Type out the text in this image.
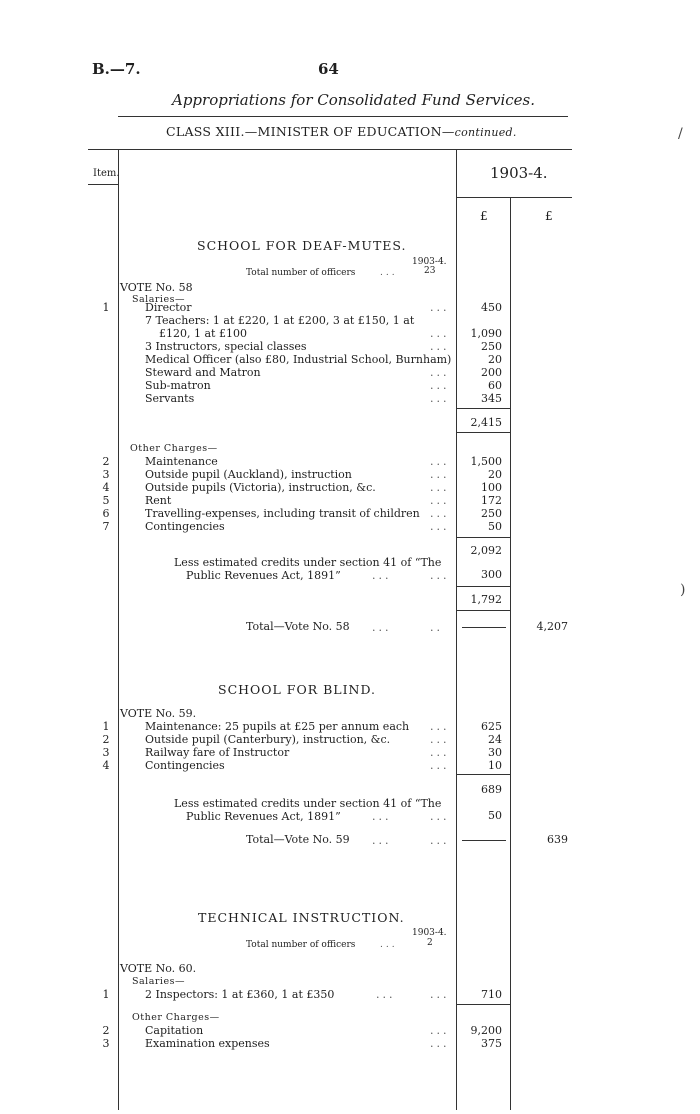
B.—7.	64
Appropriations for Consolidated Fund Services.
CLASS XIII.—MINISTER OF EDUCATION—continued.
Item.	1903-4.
£	£
/
)
SCHOOL FOR DEAF-MUTES.
1903-4.
Total number of officers	...	23
VOTE No. 58
Salaries—
1	Director	...	450
7 Teachers: 1 at £220, 1 at £200, 3 at £150, 1 at
£120, 1 at £100	...	1,090
3 Instructors, special classes	...	250
Medical Officer (also £80, Industrial School, Burnham)	20
Steward and Matron	...	200
Sub-matron	...	60
Servants	...	345
2,415
Other Charges—
2	Maintenance	...	1,500
3	Outside pupil (Auckland), instruction	...	20
4	Outside pupils (Victoria), instruction, &c.	...	100
5	Rent	...	172
6	Travelling-expenses, including transit of children ...	250
7	Contingencies	...	50
2,092
Less estimated credits under section 41 of “The
Public Revenues Act, 1891”	...	...	300
1,792
Total—Vote No. 58 ...	..	4,207
SCHOOL FOR BLIND.
VOTE No. 59.
1	Maintenance: 25 pupils at £25 per annum each ...	625
2	Outside pupil (Canterbury), instruction, &c.	...	24
3	Railway fare of Instructor	...	30
4	Contingencies	...	10
689
Less estimated credits under section 41 of “The
Public Revenues Act, 1891”	...	...	50
Total—Vote No. 59 ...	...	639
TECHNICAL INSTRUCTION.
1903-4.
Total number of officers	...	2
VOTE No. 60.
Salaries—
1	2 Inspectors: 1 at £360, 1 at £350	...	...	710
Other Charges—
2	Capitation	...	9,200
3	Examination expenses	...	375
